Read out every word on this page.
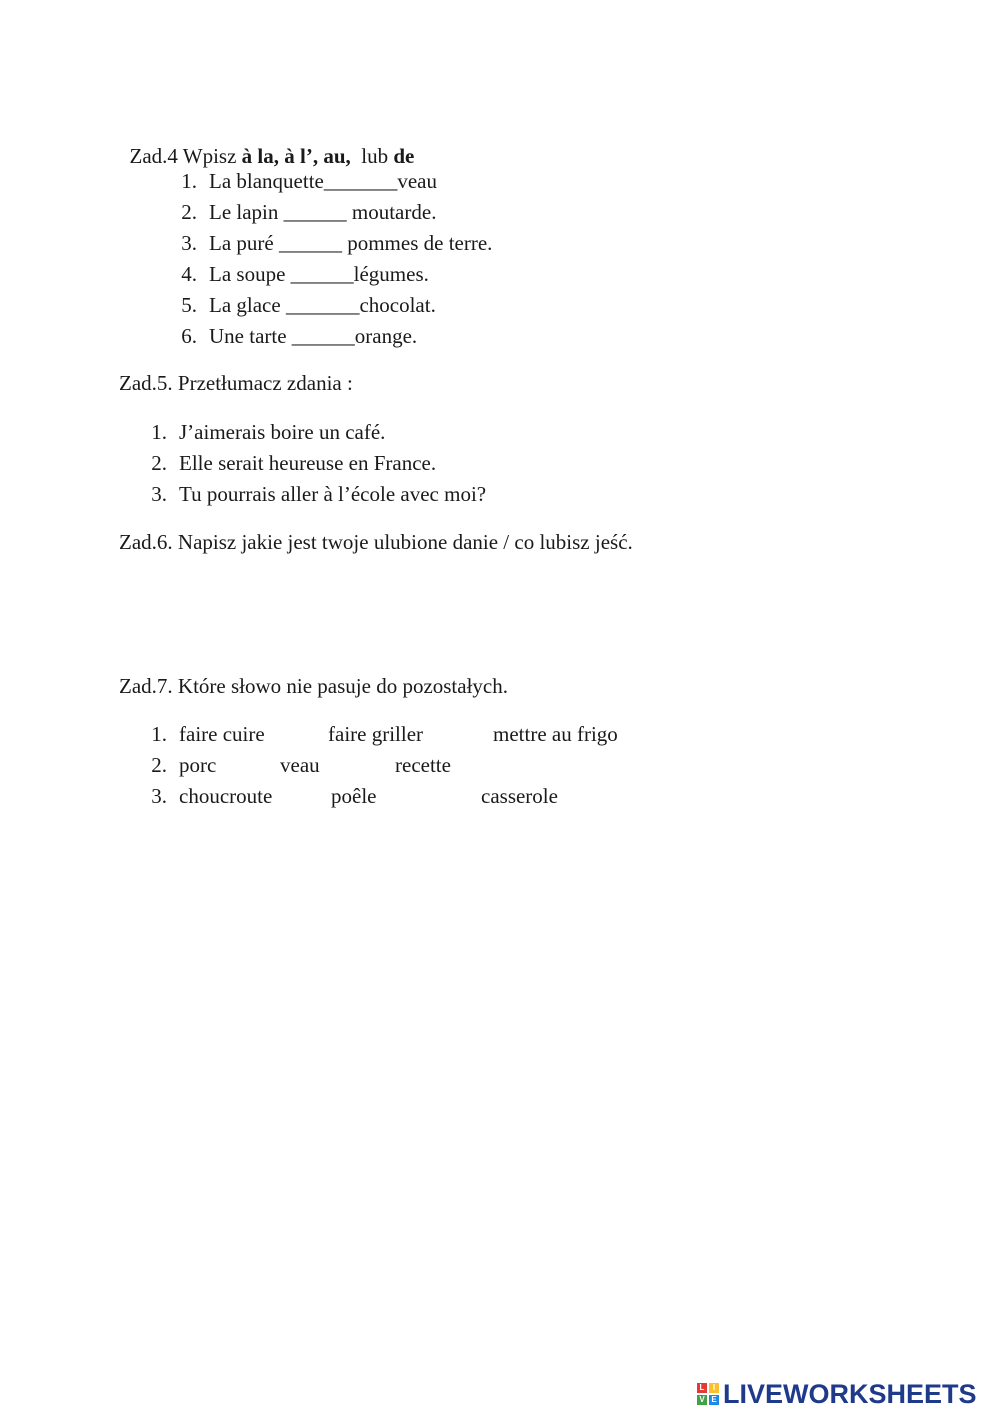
Zad.4 Wpisz à la, à l’, au,  lub de

1. La blanquette_______veau
2. Le lapin ______ moutarde.
3. La puré ______ pommes de terre.
4. La soupe ______légumes.
5. La glace _______chocolat.
6. Une tarte ______orange.
Zad.5. Przetłumacz zdania :
1. J’aimerais boire un café.
2. Elle serait heureuse en France.
3. Tu pourrais aller à l’école avec moi?
Zad.6. Napisz jakie jest twoje ulubione danie / co lubisz jeść.
Zad.7. Które słowo nie pasuje do pozostałych.
1. faire cuire	faire griller	mettre au frigo
2. porc	veau	recette
3. choucroute	poêle	casserole
L	I
V E LIVEWORKSHEETS
